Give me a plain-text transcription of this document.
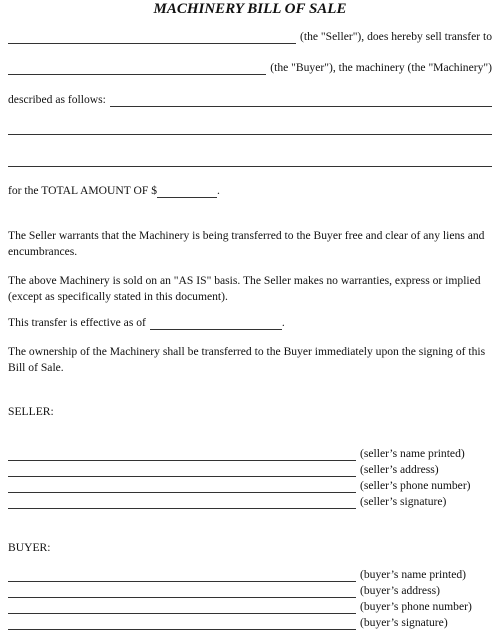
MACHINERY BILL OF SALE
(the "Seller"), does hereby sell transfer to
(the "Buyer"), the machinery (the "Machinery")
described as follows:
for the TOTAL AMOUNT OF $	.
The Seller warrants that the Machinery is being transferred to the Buyer free and clear of any liens and encumbrances.
The above Machinery is sold on an "AS IS" basis. The Seller makes no warranties, express or implied (except as specifically stated in this document).
This transfer is effective as of	.
The ownership of the Machinery shall be transferred to the Buyer immediately upon the signing of this Bill of Sale.
SELLER:
(seller’s name printed)
(seller’s address)
(seller’s phone number)
(seller’s signature)
BUYER:
(buyer’s name printed)
(buyer’s address)
(buyer’s phone number)
(buyer’s signature)
